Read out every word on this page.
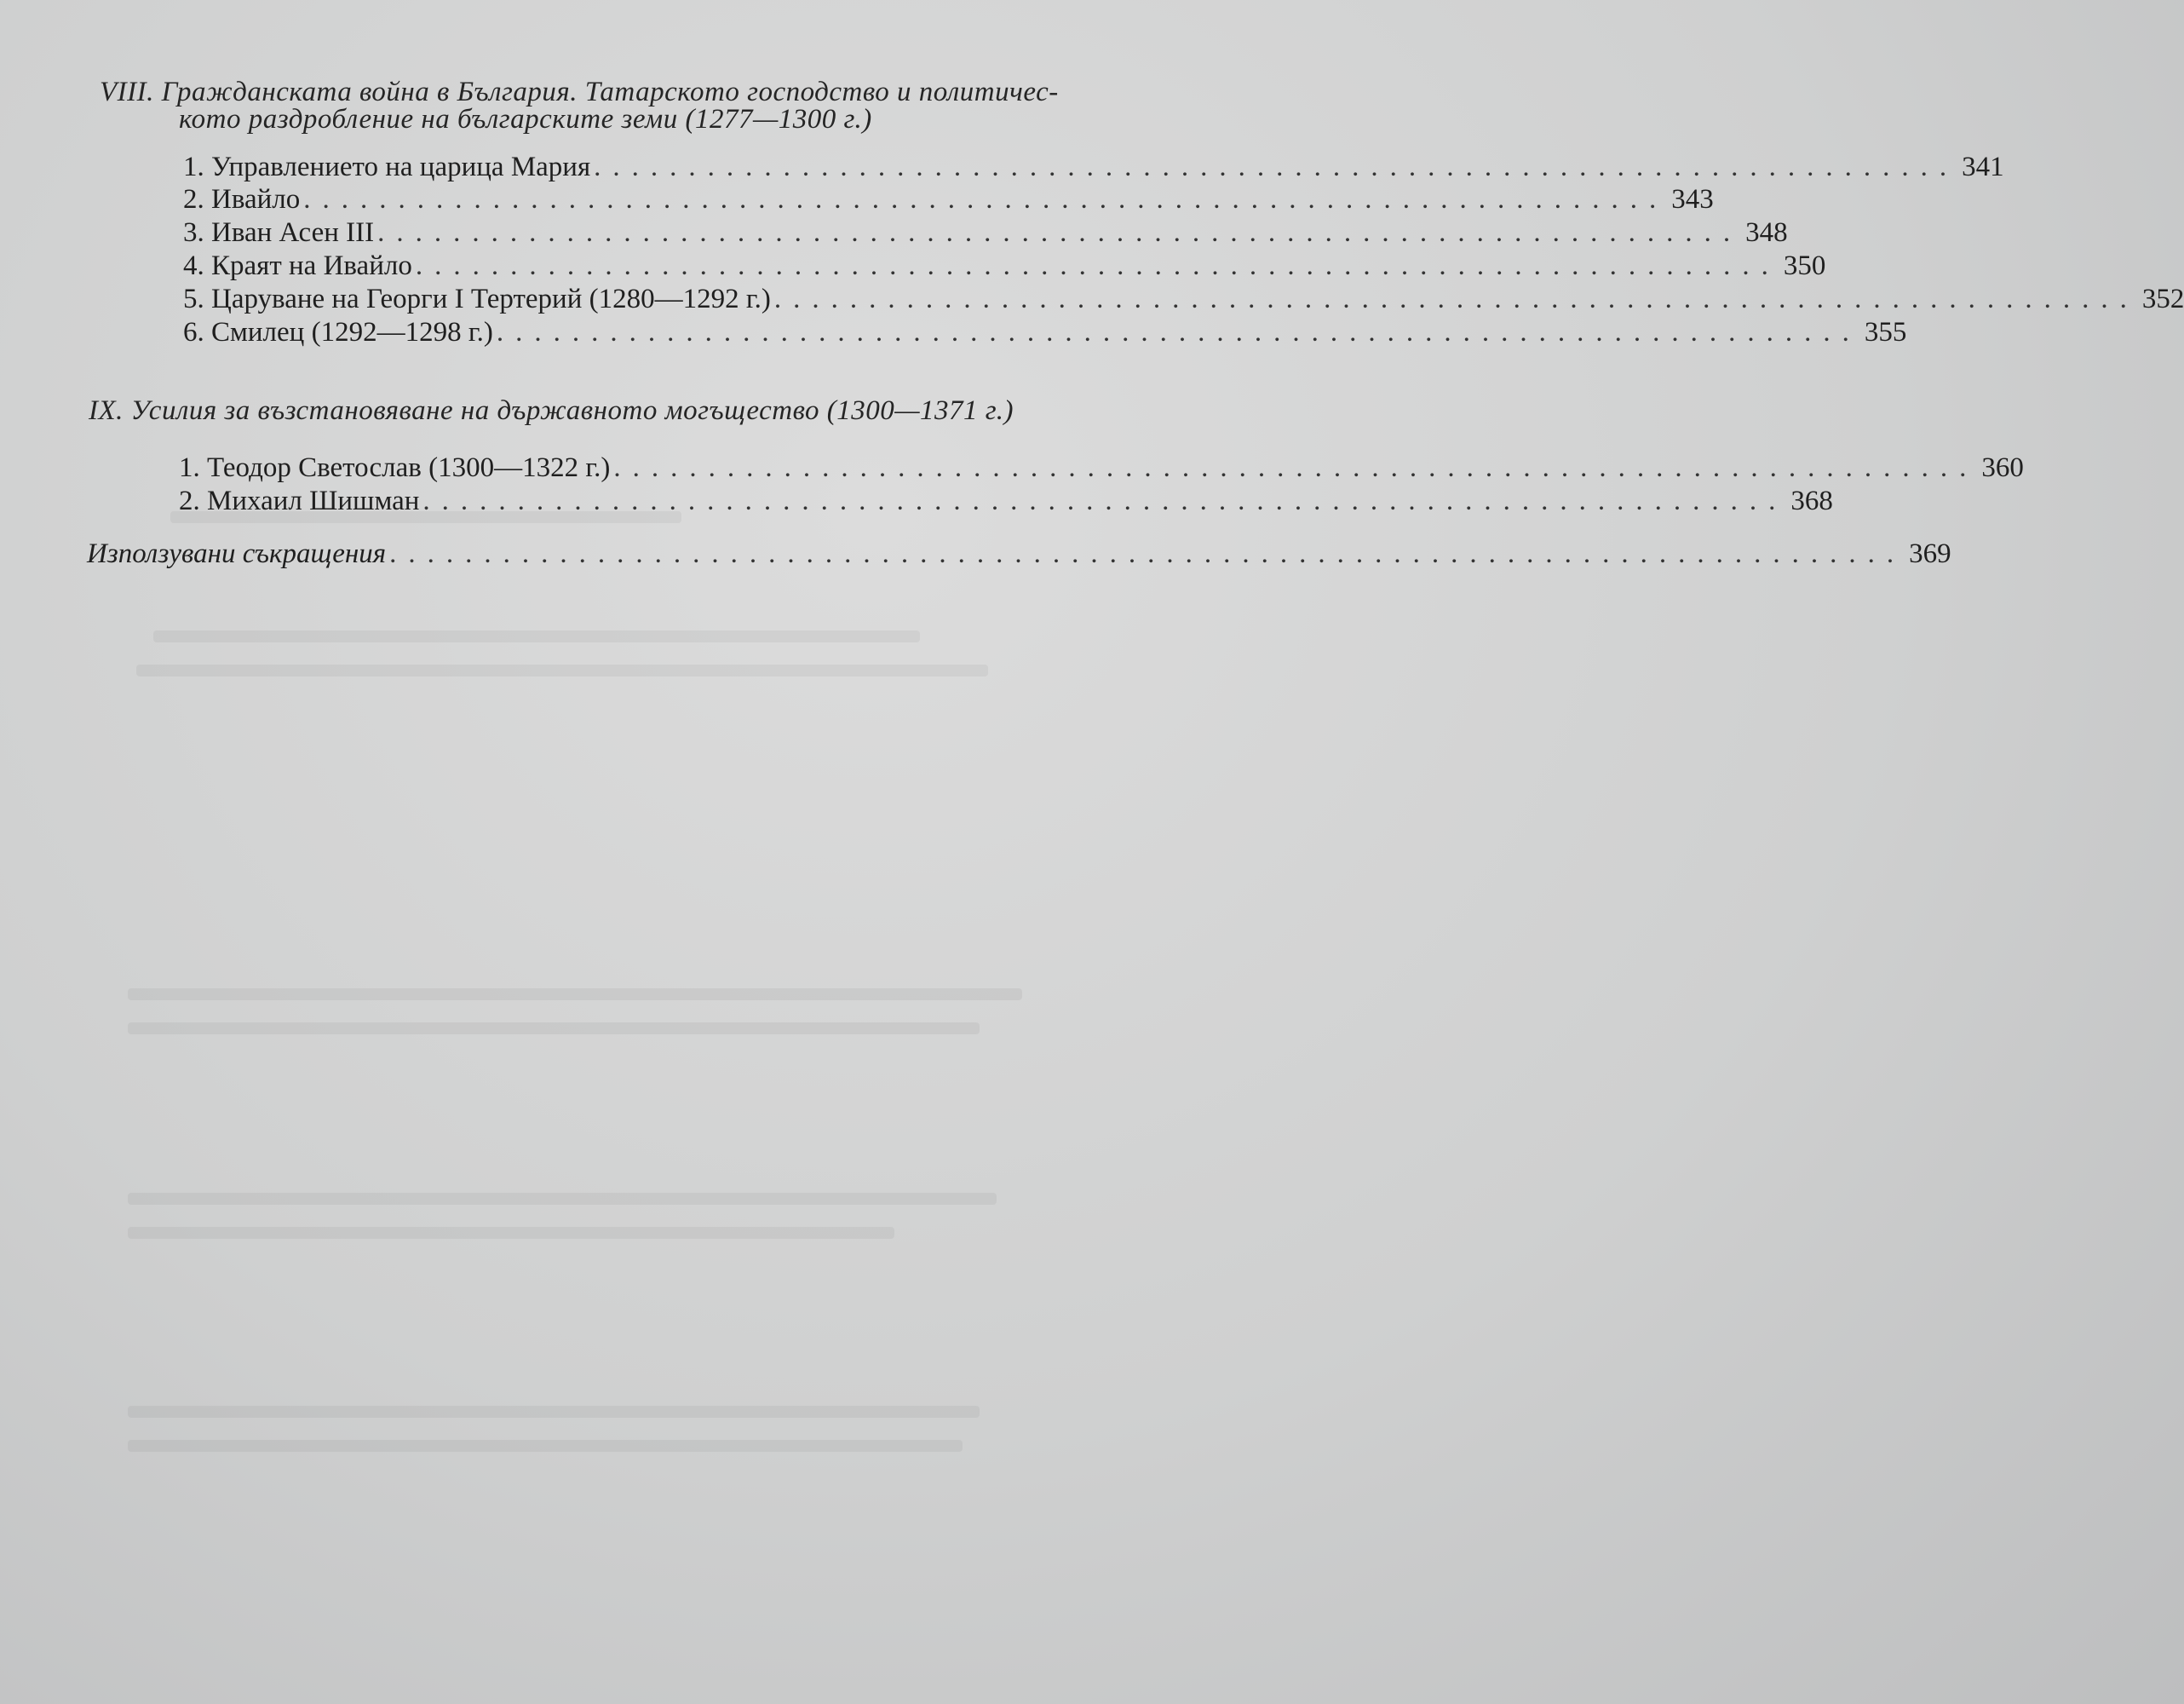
VIII. Гражданската война в България. Татарското господство и политичес-
кото раздробление на българските земи (1277—1300 г.)
1. Управлението на царица Мария ........................................................................ 341
2. Ивайло ........................................................................ 343
3. Иван Асен III ........................................................................ 348
4. Краят на Ивайло ........................................................................ 350
5. Царуване на Георги I Тертерий (1280—1292 г.) ........................................................................ 352
6. Смилец (1292—1298 г.) ........................................................................ 355
IX. Усилия за възстановяване на държавното могъщество (1300—1371 г.)
1. Теодор Светослав (1300—1322 г.) ........................................................................ 360
2. Михаил Шишман ........................................................................ 368
Използувани съкращения ................................................................................ 369
